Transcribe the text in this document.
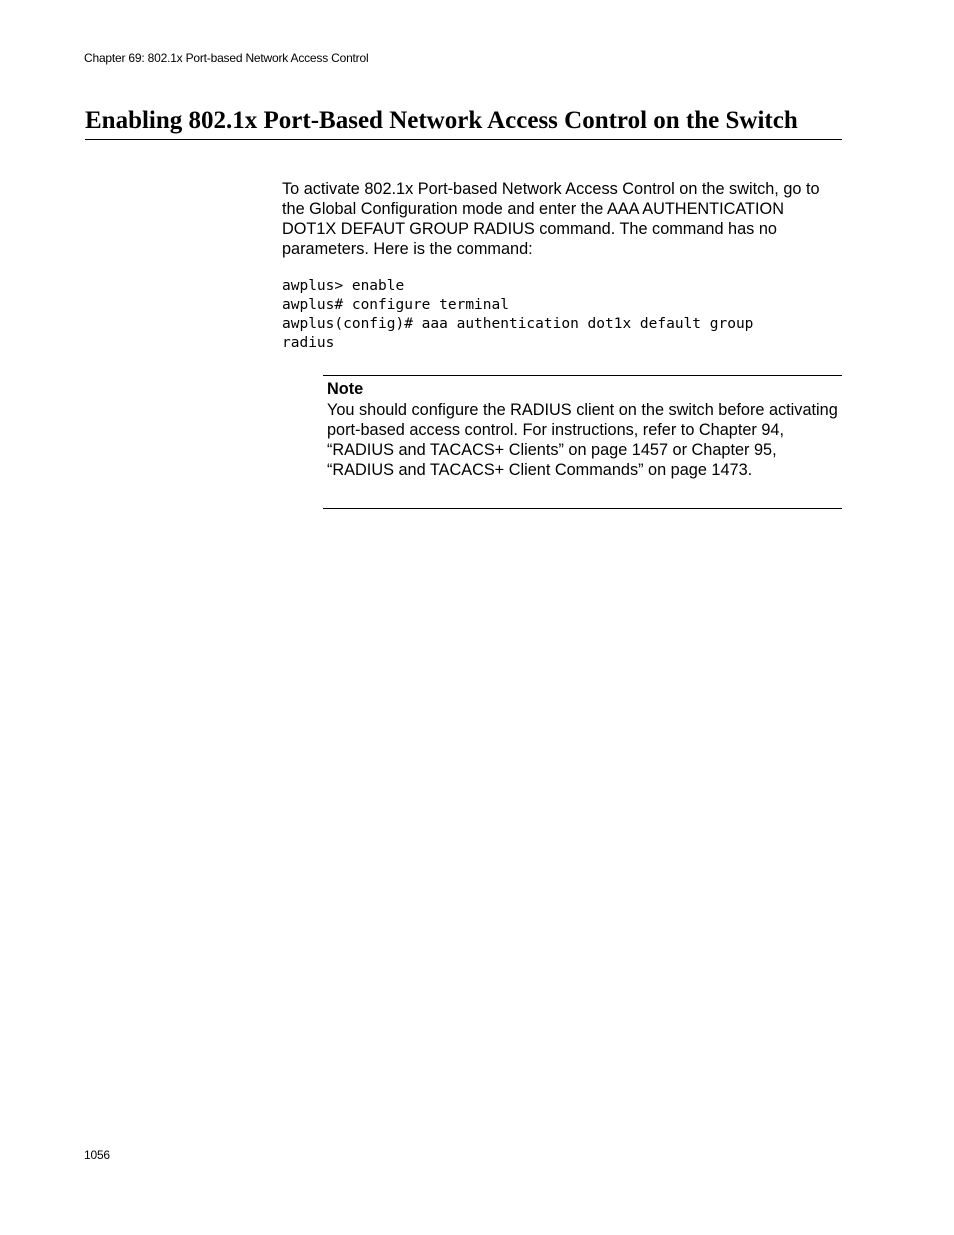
Chapter 69: 802.1x Port-based Network Access Control
Enabling 802.1x Port-Based Network Access Control on the Switch

To activate 802.1x Port-based Network Access Control on the switch, go to the Global Configuration mode and enter the AAA AUTHENTICATION DOT1X DEFAUT GROUP RADIUS command. The command has no parameters. Here is the command:

awplus> enable
awplus# configure terminal
awplus(config)# aaa authentication dot1x default group
radius
Note

You should configure the RADIUS client on the switch before activating port-based access control. For instructions, refer to Chapter 94, “RADIUS and TACACS+ Clients” on page 1457 or Chapter 95, “RADIUS and TACACS+ Client Commands” on page 1473.

1056
